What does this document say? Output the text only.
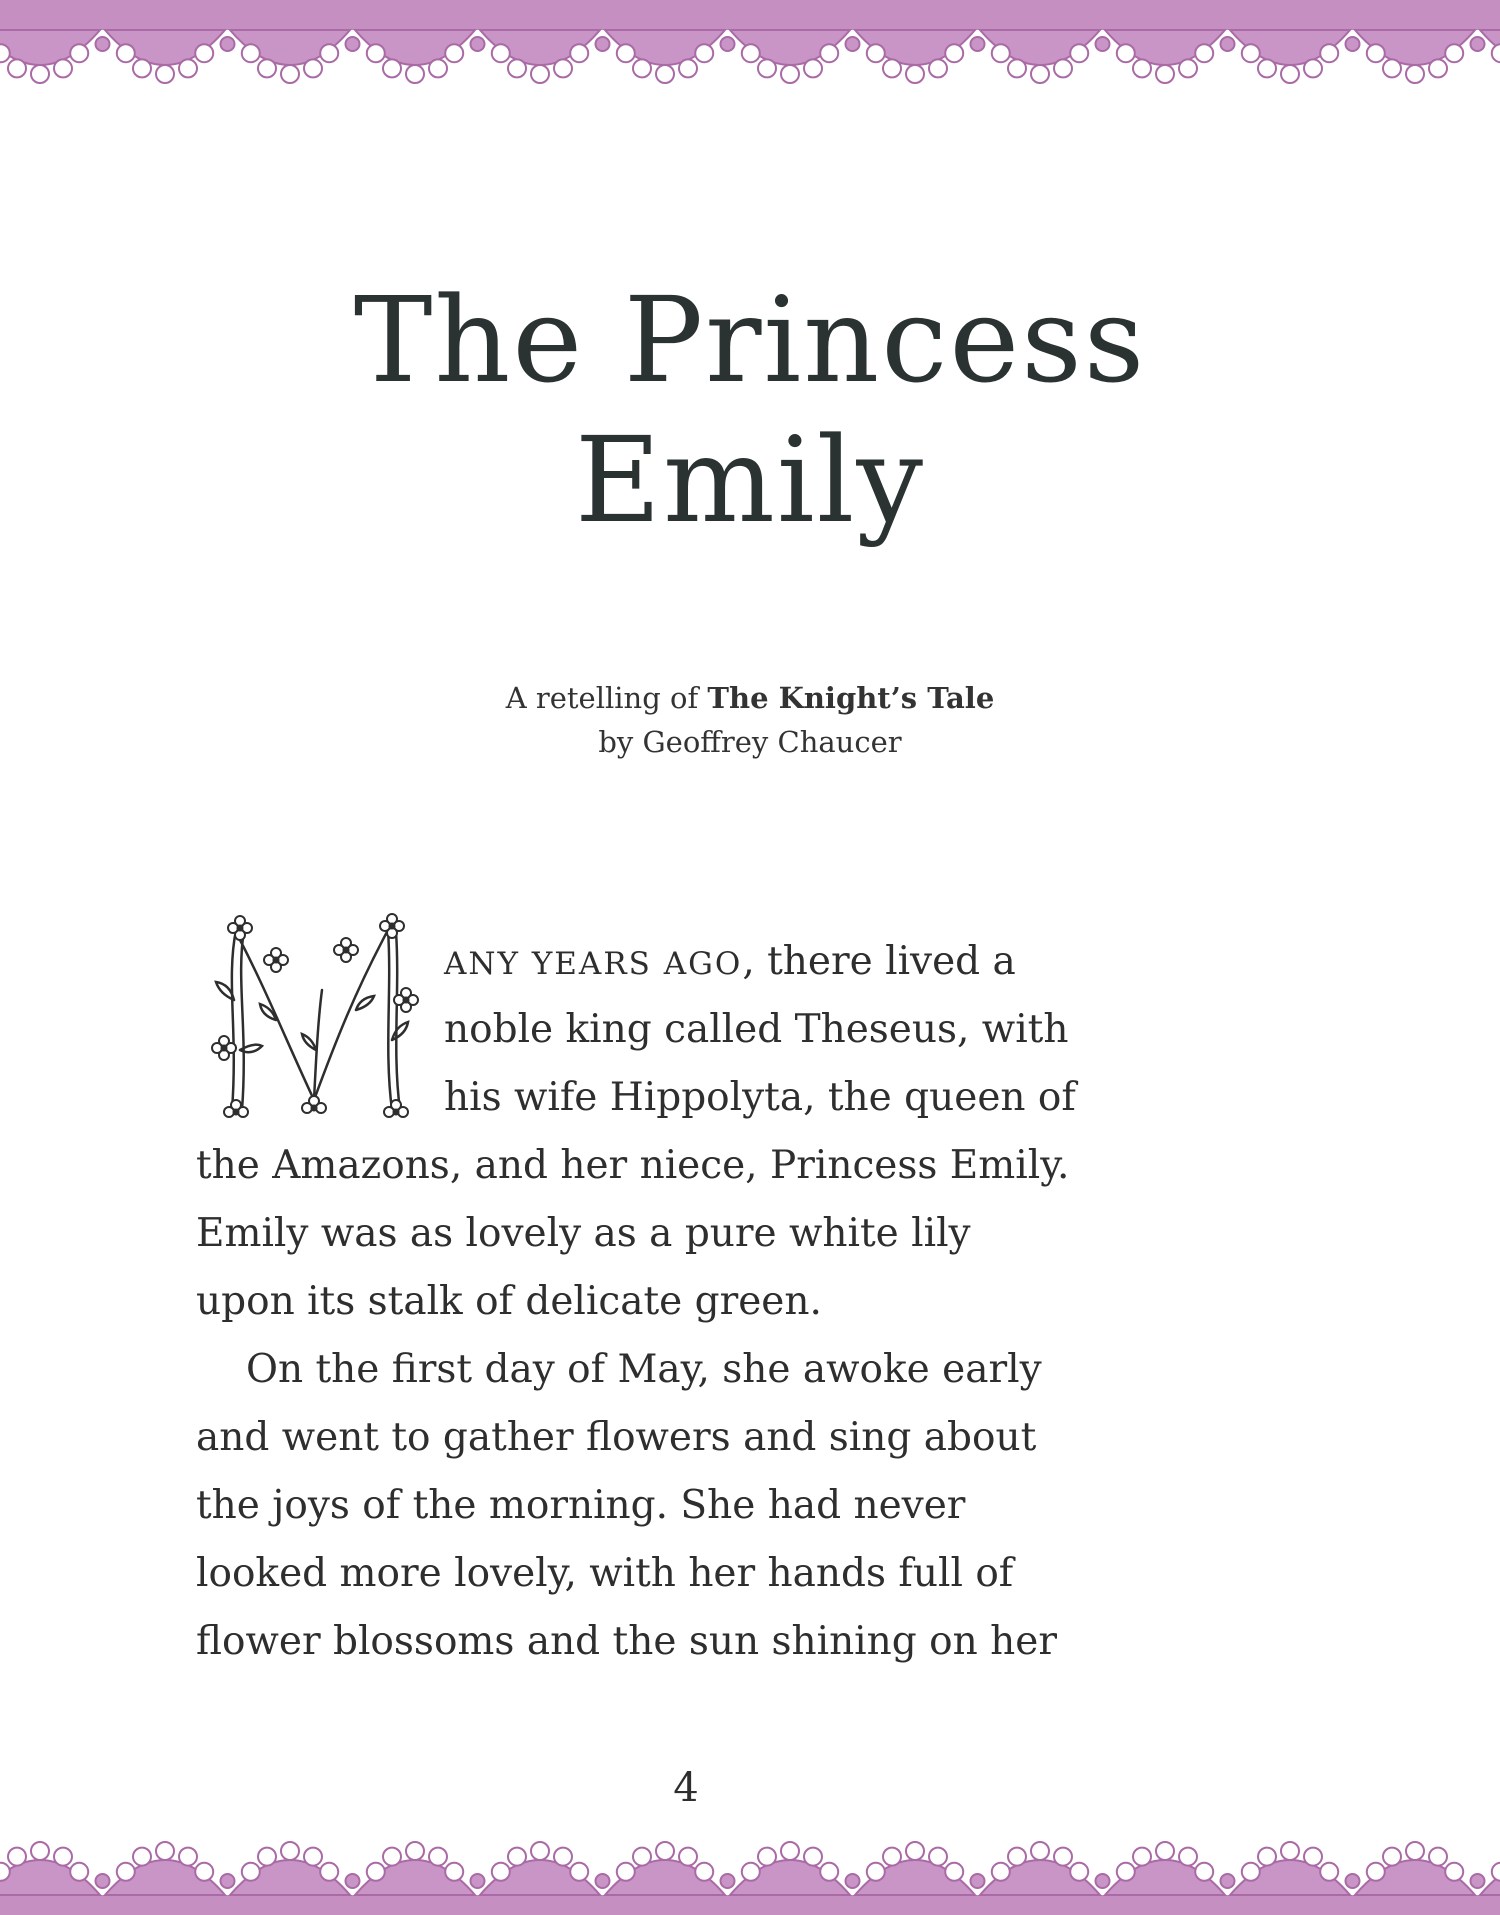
The Princess
Emily
A retelling of The Knight’s Tale
by Geoffrey Chaucer
ANY YEARS AGO, there lived a
noble king called Theseus, with
his wife Hippolyta, the queen of
the Amazons, and her niece, Princess Emily.
Emily was as lovely as a pure white lily
upon its stalk of delicate green.
On the first day of May, she awoke early
and went to gather flowers and sing about
the joys of the morning. She had never
looked more lovely, with her hands full of
flower blossoms and the sun shining on her
4
